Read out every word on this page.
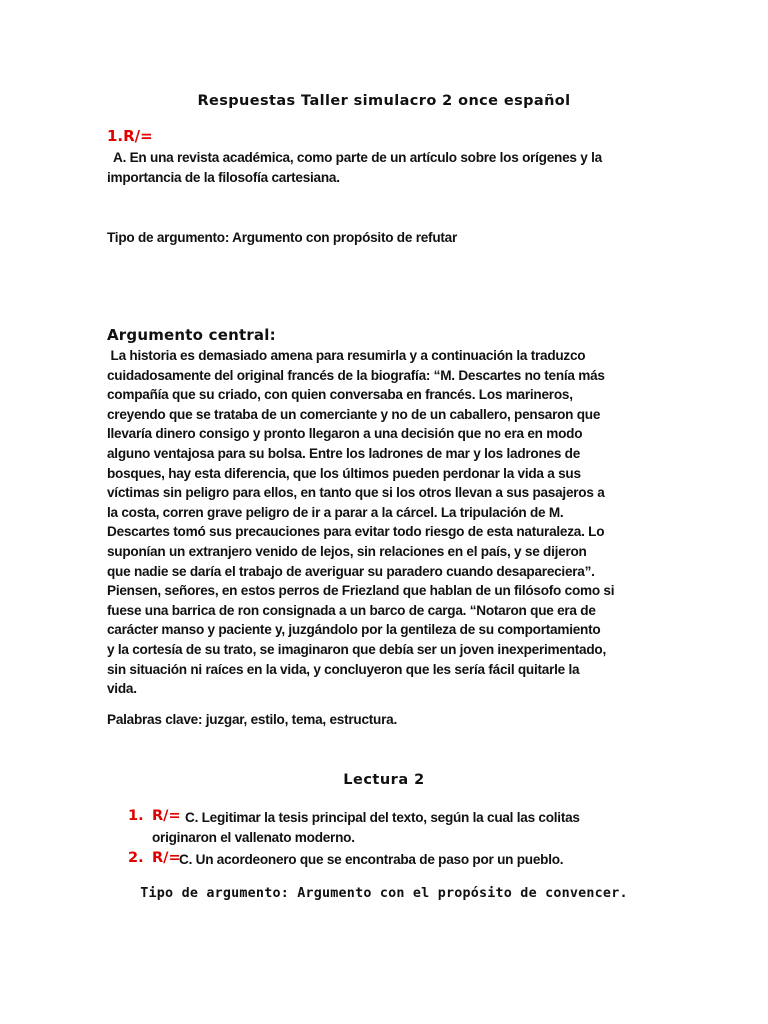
Respuestas Taller simulacro 2 once español
1.R/=
A. En una revista académica, como parte de un artículo sobre los orígenes y la
importancia de la filosofía cartesiana.
Tipo de argumento: Argumento con propósito de refutar
Argumento central:
La historia es demasiado amena para resumirla y a continuación la traduzco
cuidadosamente del original francés de la biografía: “M. Descartes no tenía más
compañía que su criado, con quien conversaba en francés. Los marineros,
creyendo que se trataba de un comerciante y no de un caballero, pensaron que
llevaría dinero consigo y pronto llegaron a una decisión que no era en modo
alguno ventajosa para su bolsa. Entre los ladrones de mar y los ladrones de
bosques, hay esta diferencia, que los últimos pueden perdonar la vida a sus
víctimas sin peligro para ellos, en tanto que si los otros llevan a sus pasajeros a
la costa, corren grave peligro de ir a parar a la cárcel. La tripulación de M.
Descartes tomó sus precauciones para evitar todo riesgo de esta naturaleza. Lo
suponían un extranjero venido de lejos, sin relaciones en el país, y se dijeron
que nadie se daría el trabajo de averiguar su paradero cuando desapareciera”.
Piensen, señores, en estos perros de Friezland que hablan de un filósofo como si
fuese una barrica de ron consignada a un barco de carga. “Notaron que era de
carácter manso y paciente y, juzgándolo por la gentileza de su comportamiento
y la cortesía de su trato, se imaginaron que debía ser un joven inexperimentado,
sin situación ni raíces en la vida, y concluyeron que les sería fácil quitarle la
vida.
Palabras clave: juzgar, estilo, tema, estructura.
Lectura 2
1. R/= C. Legitimar la tesis principal del texto, según la cual las colitas
originaron el vallenato moderno.
2. R/=
C. Un acordeonero que se encontraba de paso por un pueblo.
Tipo de argumento: Argumento con el propósito de convencer.
